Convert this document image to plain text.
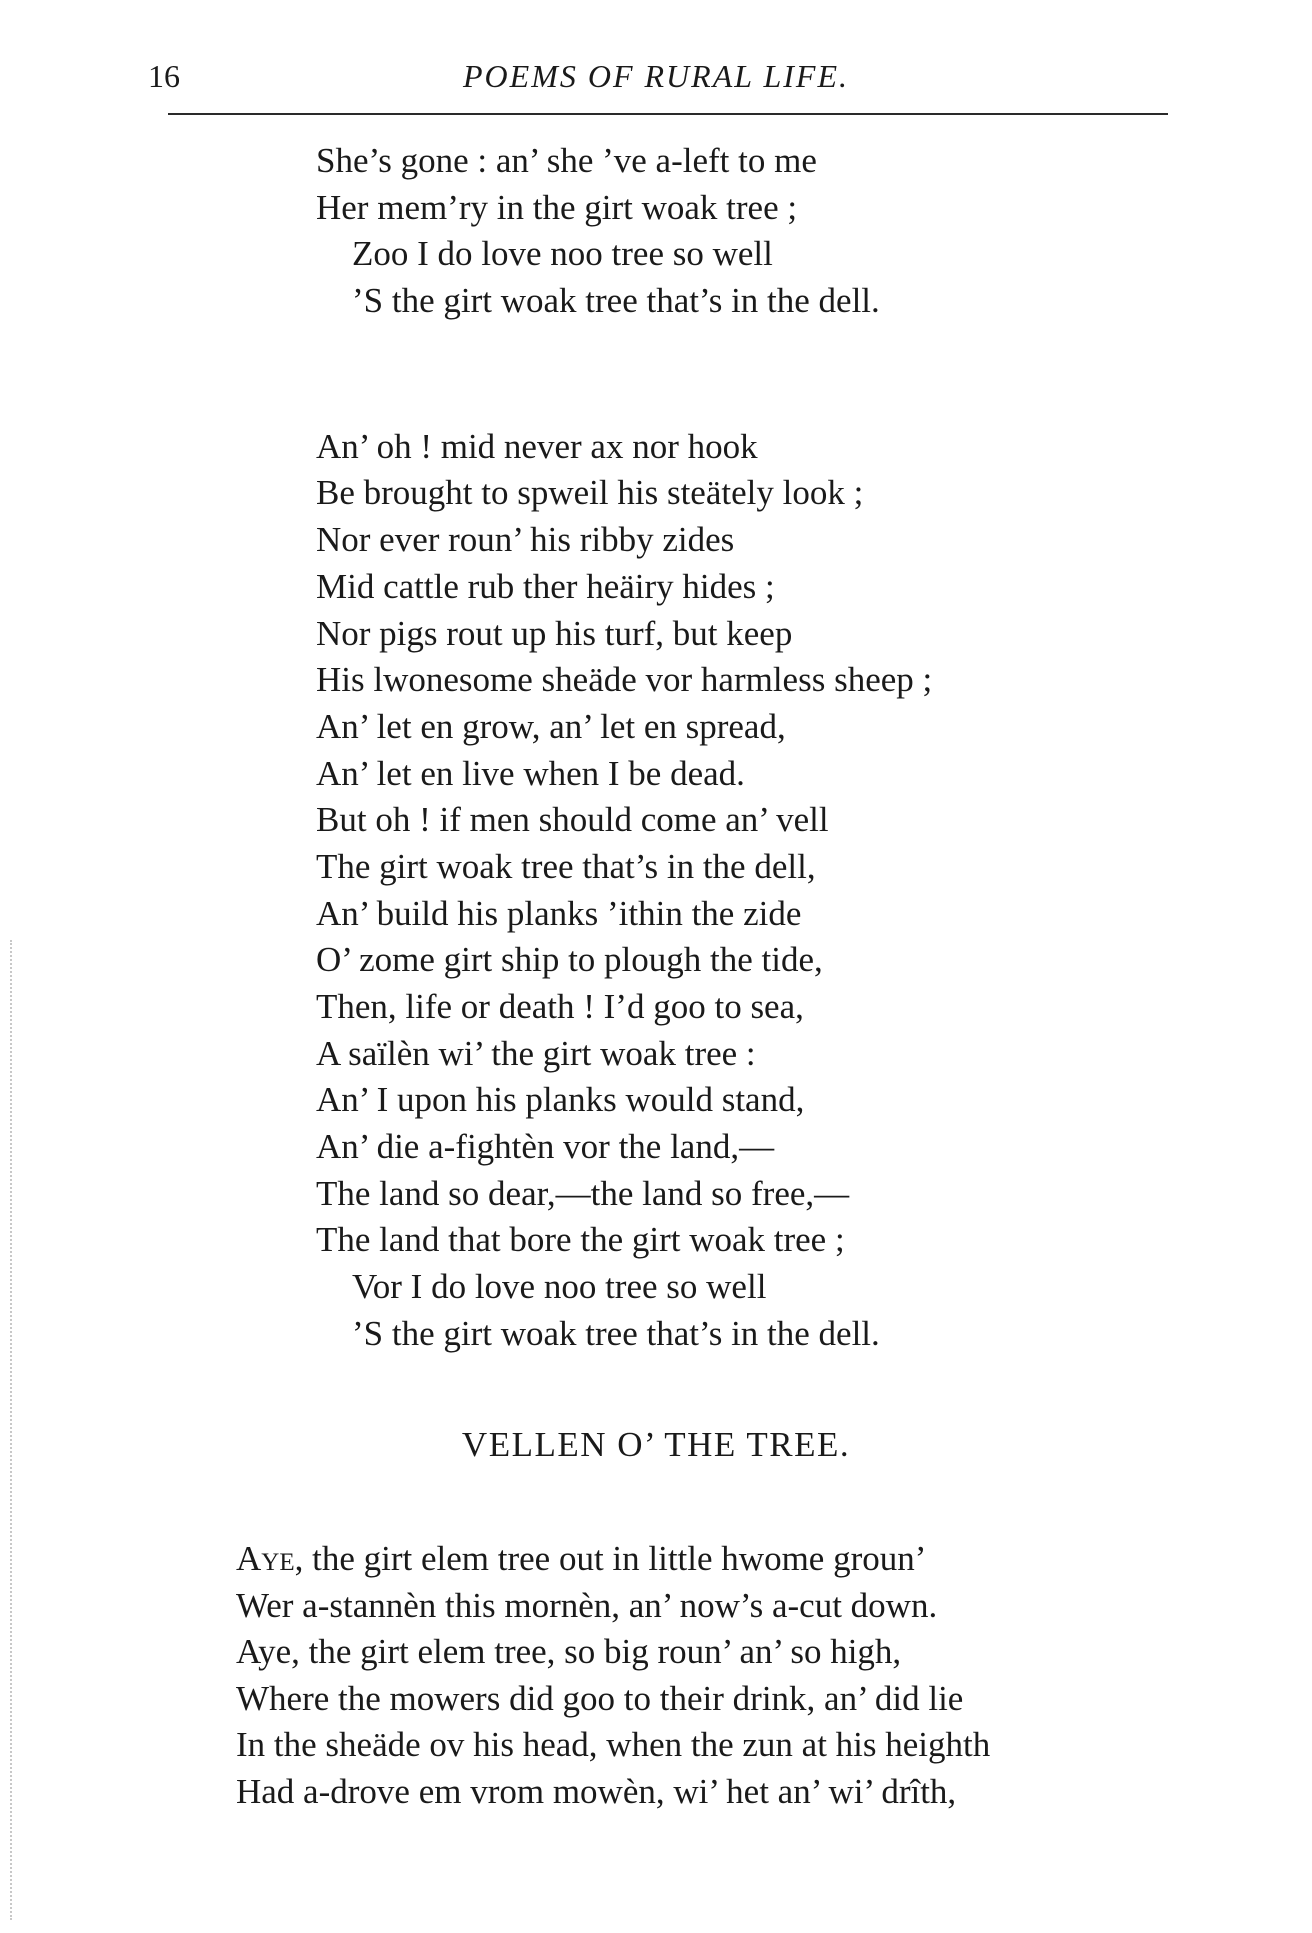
16	POEMS OF RURAL LIFE.
She’s gone : an’ she ’ve a-left to me
Her mem’ry in the girt woak tree ;
Zoo I do love noo tree so well
’S the girt woak tree that’s in the dell.
An’ oh ! mid never ax nor hook
Be brought to spweil his steätely look ;
Nor ever roun’ his ribby zides
Mid cattle rub ther heäiry hides ;
Nor pigs rout up his turf, but keep
His lwonesome sheäde vor harmless sheep ;
An’ let en grow, an’ let en spread,
An’ let en live when I be dead.
But oh ! if men should come an’ vell
The girt woak tree that’s in the dell,
An’ build his planks ’ithin the zide
O’ zome girt ship to plough the tide,
Then, life or death ! I’d goo to sea,
A saïlèn wi’ the girt woak tree :
An’ I upon his planks would stand,
An’ die a-fightèn vor the land,—
The land so dear,—the land so free,—
The land that bore the girt woak tree ;
Vor I do love noo tree so well
’S the girt woak tree that’s in the dell.
VELLEN O’ THE TREE.
Aye, the girt elem tree out in little hwome groun’
Wer a-stannèn this mornèn, an’ now’s a-cut down.
Aye, the girt elem tree, so big roun’ an’ so high,
Where the mowers did goo to their drink, an’ did lie
In the sheäde ov his head, when the zun at his heighth
Had a-drove em vrom mowèn, wi’ het an’ wi’ drîth,
